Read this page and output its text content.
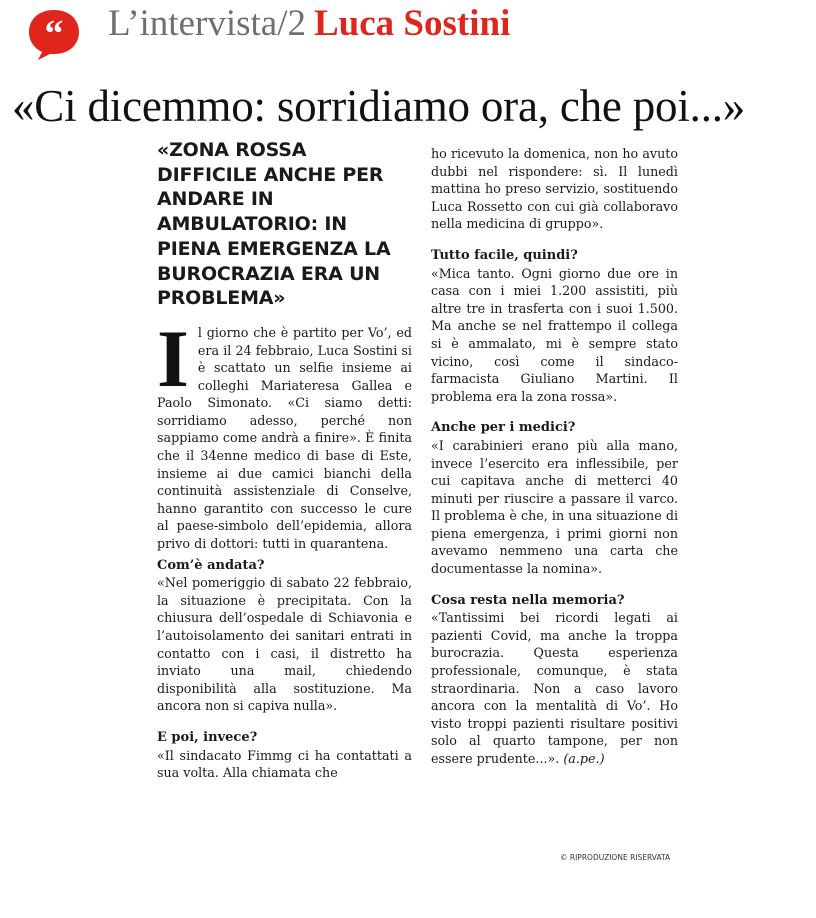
“ L’intervista/2 Luca Sostini
«Ci dicemmo: sorridiamo ora, che poi...»
«ZONA ROSSA DIFFICILE ANCHE PER ANDARE IN AMBULATORIO: IN PIENA EMERGENZA LA BUROCRAZIA ERA UN PROBLEMA»

Il giorno che è partito per Vo’, ed era il 24 febbraio, Luca Sostini si è scattato un selfie insieme ai colleghi Mariateresa Gallea e Paolo Simonato. «Ci siamo detti: sorridiamo adesso, perché non sappiamo come andrà a finire». È finita che il 34enne medico di base di Este, insieme ai due camici bianchi della continuità assistenziale di Conselve, hanno garantito con successo le cure al paese-simbolo dell’epidemia, allora privo di dottori: tutti in quarantena.

Com’è andata?

«Nel pomeriggio di sabato 22 febbraio, la situazione è precipitata. Con la chiusura dell’ospedale di Schiavonia e l’autoisolamento dei sanitari entrati in contatto con i casi, il distretto ha inviato una mail, chiedendo disponibilità alla sostituzione. Ma ancora non si capiva nulla».

E poi, invece?

«Il sindacato Fimmg ci ha contattati a sua volta. Alla chiamata che

ho ricevuto la domenica, non ho avuto dubbi nel rispondere: sì. Il lunedì mattina ho preso servizio, sostituendo Luca Rossetto con cui già collaboravo nella medicina di gruppo».

Tutto facile, quindi?

«Mica tanto. Ogni giorno due ore in casa con i miei 1.200 assistiti, più altre tre in trasferta con i suoi 1.500. Ma anche se nel frattempo il collega si è ammalato, mi è sempre stato vicino, così come il sindaco-farmacista Giuliano Martini. Il problema era la zona rossa».

Anche per i medici?

«I carabinieri erano più alla mano, invece l’esercito era inflessibile, per cui capitava anche di metterci 40 minuti per riuscire a passare il varco. Il problema è che, in una situazione di piena emergenza, i primi giorni non avevamo nemmeno una carta che documentasse la nomina».

Cosa resta nella memoria?

«Tantissimi bei ricordi legati ai pazienti Covid, ma anche la troppa burocrazia. Questa esperienza professionale, comunque, è stata straordinaria. Non a caso lavoro ancora con la mentalità di Vo’. Ho visto troppi pazienti risultare positivi solo al quarto tampone, per non essere prudente...». (a.pe.)

© RIPRODUZIONE RISERVATA
